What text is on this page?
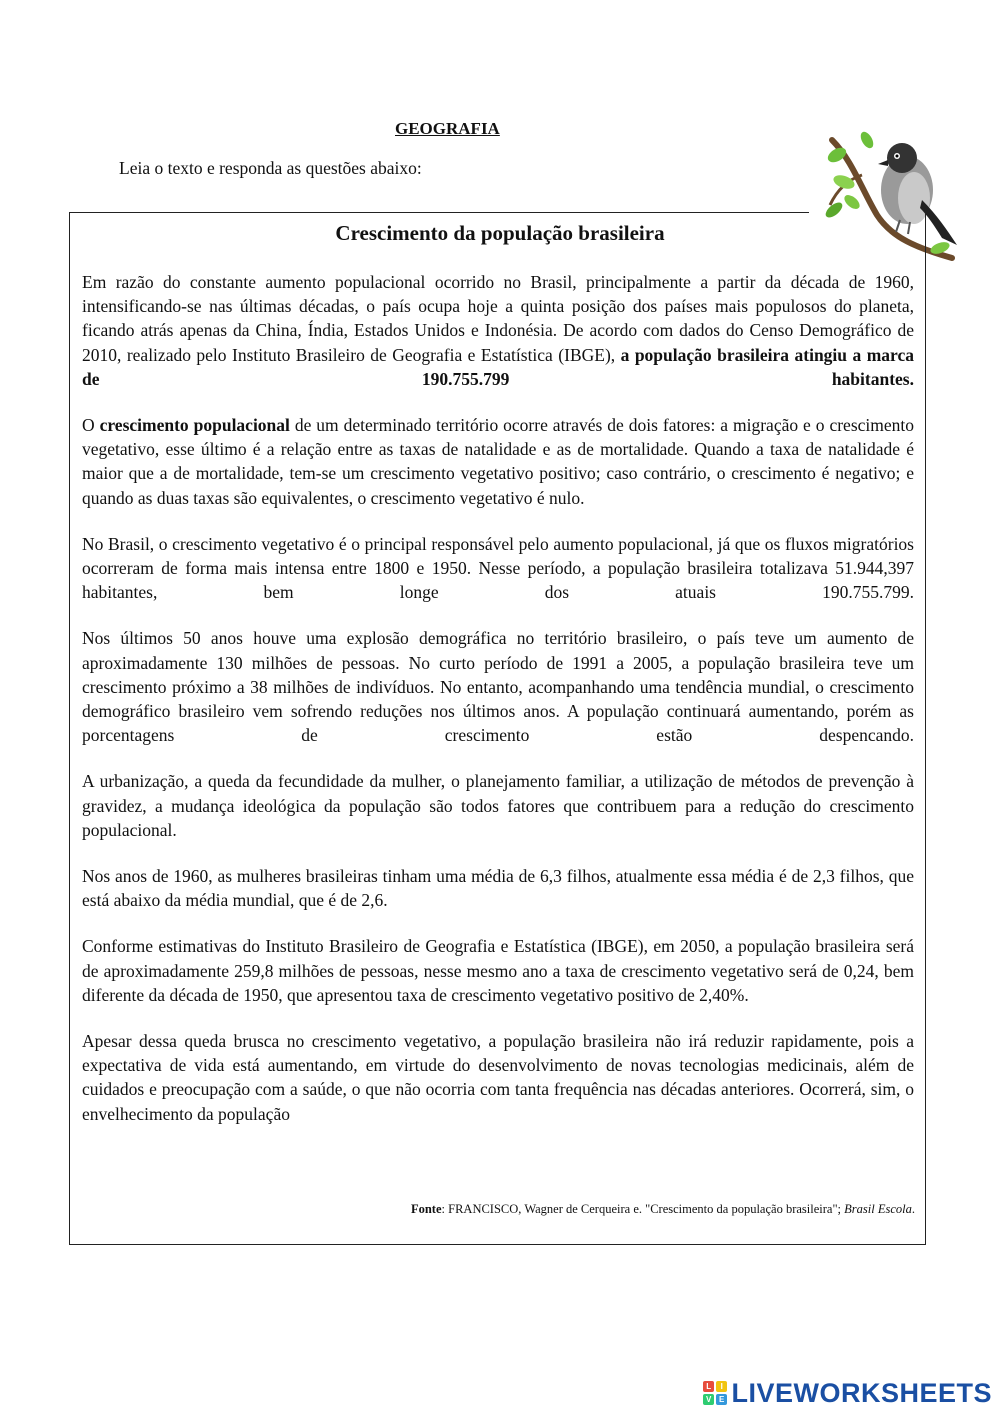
GEOGRAFIA
Leia o texto e responda as questões abaixo:
Crescimento da população brasileira

Em razão do constante aumento populacional ocorrido no Brasil, principalmente a partir da década de 1960, intensificando-se nas últimas décadas, o país ocupa hoje a quinta posição dos países mais populosos do planeta, ficando atrás apenas da China, Índia, Estados Unidos e Indonésia. De acordo com dados do Censo Demográfico de 2010, realizado pelo Instituto Brasileiro de Geografia e Estatística (IBGE), a população brasileira atingiu a marca de 190.755.799 habitantes.

O crescimento populacional de um determinado território ocorre através de dois fatores: a migração e o crescimento vegetativo, esse último é a relação entre as taxas de natalidade e as de mortalidade. Quando a taxa de natalidade é maior que a de mortalidade, tem-se um crescimento vegetativo positivo; caso contrário, o crescimento é negativo; e quando as duas taxas são equivalentes, o crescimento vegetativo é nulo.

No Brasil, o crescimento vegetativo é o principal responsável pelo aumento populacional, já que os fluxos migratórios ocorreram de forma mais intensa entre 1800 e 1950. Nesse período, a população brasileira totalizava 51.944,397 habitantes, bem longe dos atuais 190.755.799.

Nos últimos 50 anos houve uma explosão demográfica no território brasileiro, o país teve um aumento de aproximadamente 130 milhões de pessoas. No curto período de 1991 a 2005, a população brasileira teve um crescimento próximo a 38 milhões de indivíduos. No entanto, acompanhando uma tendência mundial, o crescimento demográfico brasileiro vem sofrendo reduções nos últimos anos. A população continuará aumentando, porém as porcentagens de crescimento estão despencando.

A urbanização, a queda da fecundidade da mulher, o planejamento familiar, a utilização de métodos de prevenção à gravidez, a mudança ideológica da população são todos fatores que contribuem para a redução do crescimento populacional.

Nos anos de 1960, as mulheres brasileiras tinham uma média de 6,3 filhos, atualmente essa média é de 2,3 filhos, que está abaixo da média mundial, que é de 2,6.

Conforme estimativas do Instituto Brasileiro de Geografia e Estatística (IBGE), em 2050, a população brasileira será de aproximadamente 259,8 milhões de pessoas, nesse mesmo ano a taxa de crescimento vegetativo será de 0,24, bem diferente da década de 1950, que apresentou taxa de crescimento vegetativo positivo de 2,40%.

Apesar dessa queda brusca no crescimento vegetativo, a população brasileira não irá reduzir rapidamente, pois a expectativa de vida está aumentando, em virtude do desenvolvimento de novas tecnologias medicinais, além de cuidados e preocupação com a saúde, o que não ocorria com tanta frequência nas décadas anteriores. Ocorrerá, sim, o envelhecimento da população

Fonte: FRANCISCO, Wagner de Cerqueira e. "Crescimento da população brasileira"; Brasil Escola.
L	I
V E LIVE WORKSHEETS
